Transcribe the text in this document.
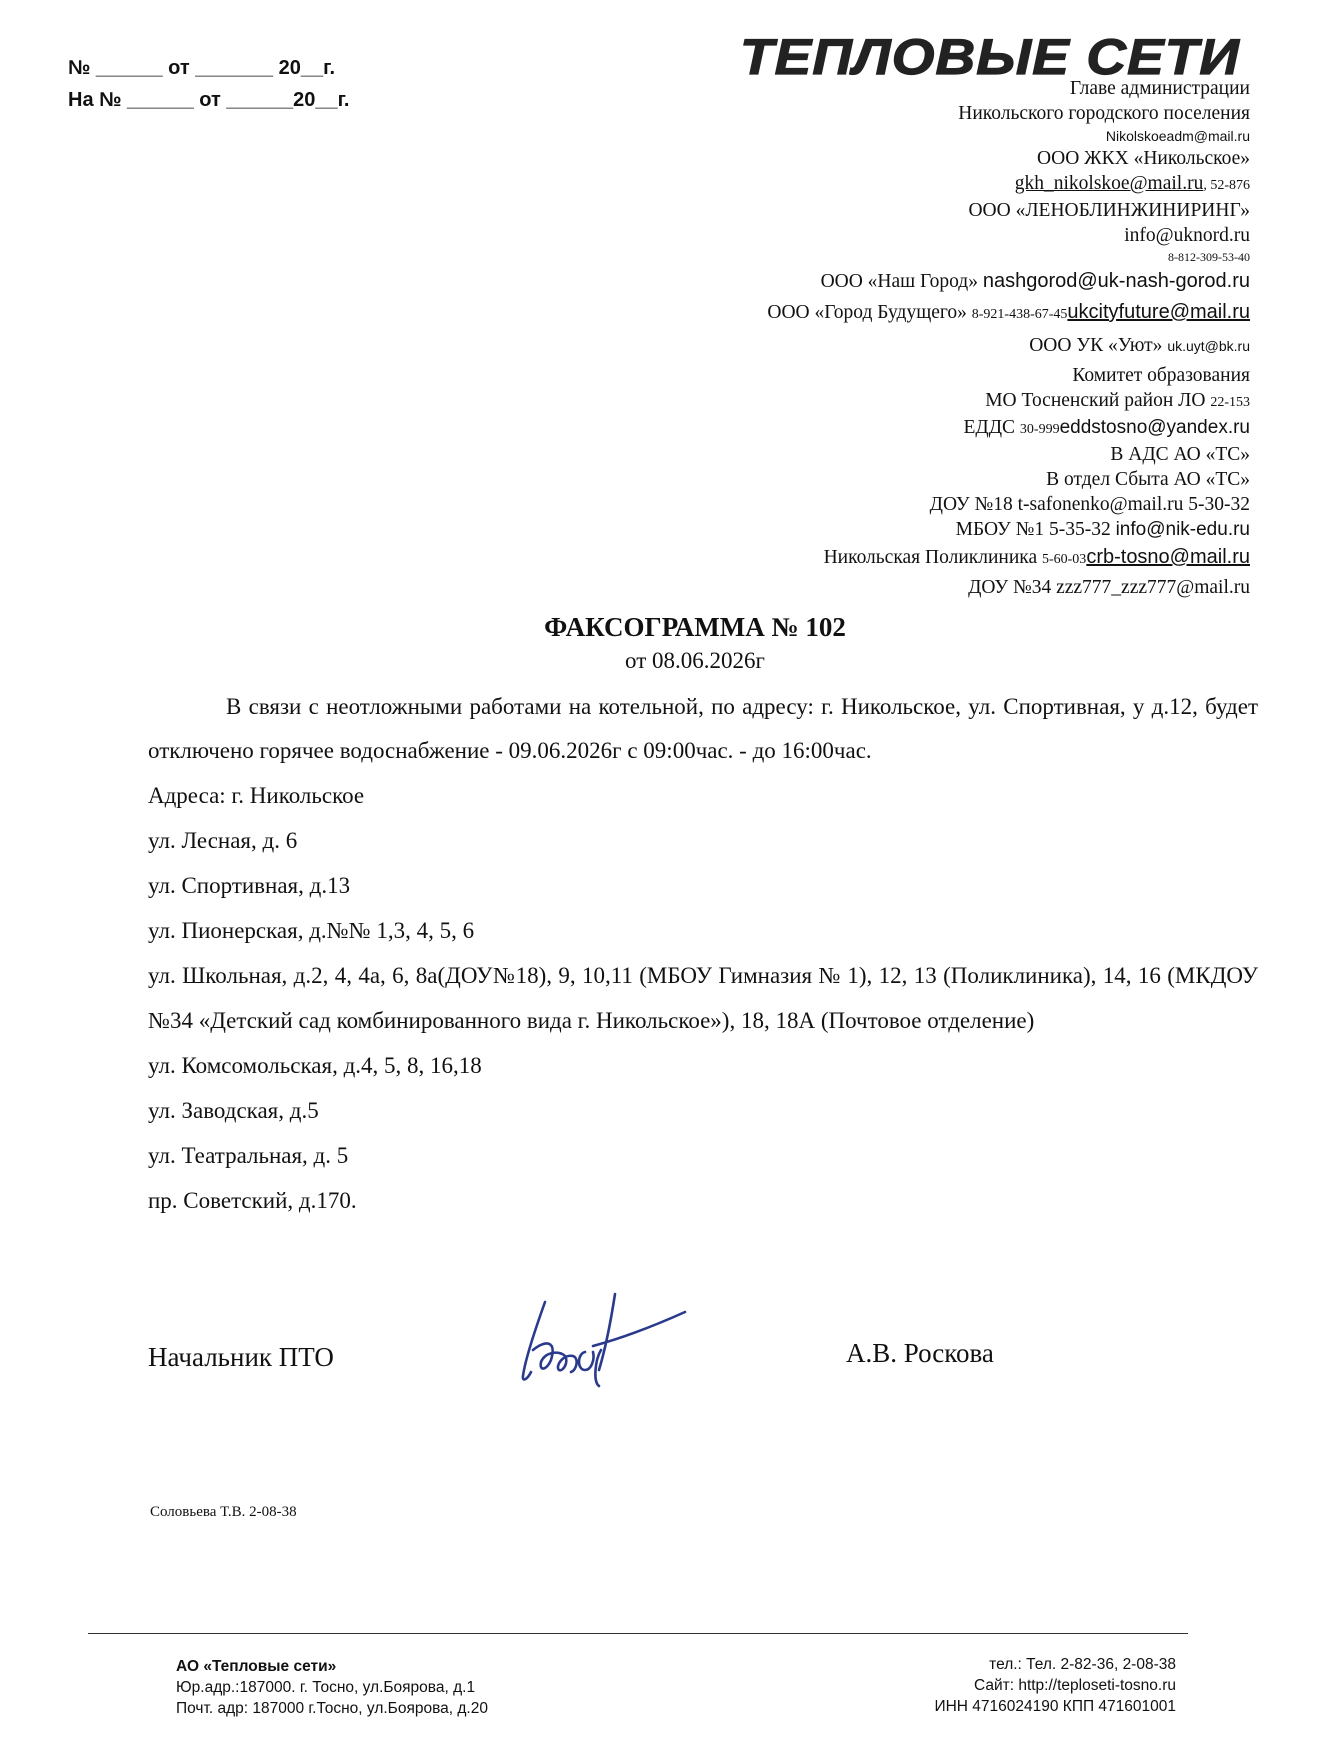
№ ______ от _______ 20__г.
На № ______ от ______20__г.
ТЕПЛОВЫЕ СЕТИ
Главе администрации
Никольского городского поселения
Nikolskoeadm@mail.ru
ООО ЖКХ «Никольское»
gkh_nikolskoe@mail.ru, 52-876
ООО «ЛЕНОБЛИНЖИНИРИНГ»
info@uknord.ru
8-812-309-53-40
ООО «Наш Город» nashgorod@uk-nash-gorod.ru
ООО «Город Будущего» 8-921-438-67-45ukcityfuture@mail.ru
ООО УК «Уют» uk.uyt@bk.ru
Комитет образования
МО Тосненский район ЛО 22-153
ЕДДС 30-999eddstosno@yandex.ru
В АДС АО «ТС»
В отдел Сбыта АО «ТС»
ДОУ №18 t-safonenko@mail.ru 5-30-32
МБОУ №1 5-35-32 info@nik-edu.ru
Никольская Поликлиника 5-60-03crb-tosno@mail.ru
ДОУ №34 zzz777_zzz777@mail.ru
ФАКСОГРАММА № 102
от 08.06.2026г
В связи с неотложными работами на котельной, по адресу: г. Никольское, ул. Спортивная, у д.12, будет отключено горячее водоснабжение - 09.06.2026г с 09:00час. - до 16:00час.
Адреса: г. Никольское
ул. Лесная, д. 6
ул. Спортивная, д.13
ул. Пионерская, д.№№ 1,3, 4, 5, 6
ул. Школьная, д.2, 4, 4а, 6, 8а(ДОУ№18), 9, 10,11 (МБОУ Гимназия № 1), 12, 13 (Поликлиника), 14, 16 (МКДОУ №34 «Детский сад комбинированного вида г. Никольское»), 18, 18А (Почтовое отделение)
ул. Комсомольская, д.4, 5, 8, 16,18
ул. Заводская, д.5
ул. Театральная, д. 5
пр. Советский, д.170.
Начальник ПТО	А.В. Роскова
Соловьева Т.В. 2-08-38
АО «Тепловые сети»
Юр.адр.:187000. г. Тосно, ул.Боярова, д.1
Почт. адр: 187000 г.Тосно, ул.Боярова, д.20
тел.: Тел. 2-82-36, 2-08-38
Сайт: http://teploseti-tosno.ru
ИНН 4716024190 КПП 471601001
